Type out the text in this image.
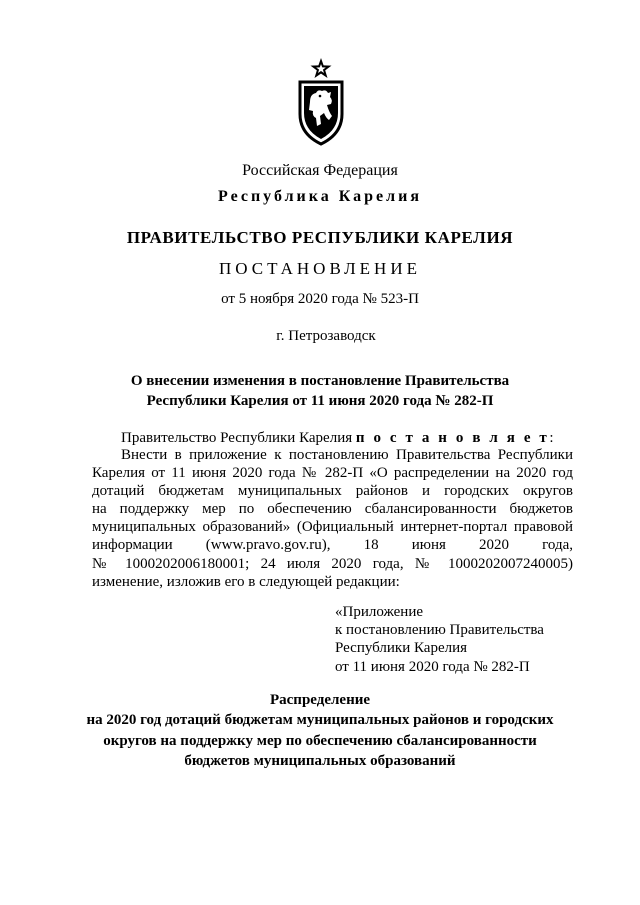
Российская Федерация
Республика Карелия
ПРАВИТЕЛЬСТВО РЕСПУБЛИКИ КАРЕЛИЯ
ПОСТАНОВЛЕНИЕ
от 5 ноября 2020 года № 523-П
г. Петрозаводск
О внесении изменения в постановление Правительства
Республики Карелия от 11 июня 2020 года № 282-П
Правительство Республики Карелия п о с т а н о в л я е т:
Внести в приложение к постановлению Правительства Республики
Карелия от 11 июня 2020 года № 282-П «О распределении на 2020 год
дотаций бюджетам муниципальных районов и городских округов
на поддержку мер по обеспечению сбалансированности бюджетов
муниципальных образований» (Официальный интернет-портал правовой
информации (www.pravo.gov.ru), 18 июня 2020 года,
№ 1000202006180001; 24 июля 2020 года, № 1000202007240005)
изменение, изложив его в следующей редакции:
«Приложение
к постановлению Правительства
Республики Карелия
от 11 июня 2020 года № 282-П
Распределение
на 2020 год дотаций бюджетам муниципальных районов и городских
округов на поддержку мер по обеспечению сбалансированности
бюджетов муниципальных образований
